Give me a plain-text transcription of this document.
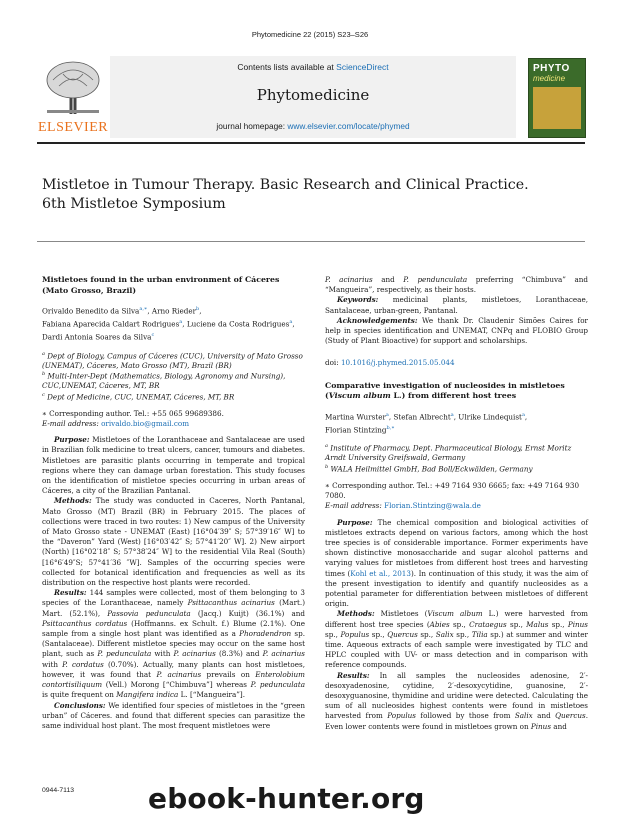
Phytomedicine 22 (2015) S23–S26
ELSEVIER
Contents lists available at ScienceDirect
Phytomedicine
journal homepage: www.elsevier.com/locate/phymed
PHYTO
medicine
Mistletoe in Tumour Therapy. Basic Research and Clinical Practice.
6th Mistletoe Symposium
Mistletoes found in the urban environment of Cáceres (Mato Grosso, Brazil)
Orivaldo Benedito da Silva$^{a,∗}$, Arno Rieder$^b$,
Fabiana Aparecida Caldart Rodrigues$^a$, Luciene da Costa Rodrigues$^a$,
Dardi Antonia Soares da Silva$^c$
$^a$ Dept of Biology, Campus of Cáceres (CUC), University of Mato Grosso (UNEMAT), Cáceres, Mato Grosso (MT), Brazil (BR)
$^b$ Multi-Inter-Dept (Mathematics, Biology, Agronomy and Nursing), CUC,UNEMAT, Cáceres, MT, BR
$^c$ Dept of Medicine, CUC, UNEMAT, Cáceres, MT, BR
∗ Corresponding author. Tel.: +55 065 99689386.
E-mail address: orivaldo.bio@gmail.com

Purpose: Mistletoes of the Loranthaceae and Santalaceae are used in Brazilian folk medicine to treat ulcers, cancer, tumours and diabetes. Mistletoes are parasitic plants occurring in temperate and tropical regions where they can damage urban forestation. This study focuses on the identification of mistletoe species occurring in urban areas of Cáceres, a city of the Brazilian Pantanal.

Methods: The study was conducted in Caceres, North Pantanal, Mato Grosso (MT) Brazil (BR) in February 2015. The places of collections were traced in two routes: 1) New campus of the University of Mato Grosso state - UNEMAT (East) [16°04′39″ S; 57°39′16″ W] to the “Daveron” Yard (West) [16°03′42″ S; 57°41′20″ W]. 2) New airport (North) [16°02′18″ S; 57°38′24″ W] to the residential Vila Real (South) [16°6′49″S; 57°41′36 ″W]. Samples of the occurring species were collected for botanical identification and frequencies as well as its distribution on the respective host plants were recorded.

Results: 144 samples were collected, most of them belonging to 3 species of the Loranthaceae, namely Psittacanthus acinarius (Mart.) Mart. (52.1%), Passovia pedunculata (Jacq.) Kuijt) (36.1%) and Psittacanthus cordatus (Hoffmanns. ex Schult. f.) Blume (2.1%). One sample from a single host plant was identified as a Phoradendron sp. (Santalaceae). Different mistletoe species may occur on the same host plant, such as P. pedunculata with P. acinarius (8.3%) and P. acinarius with P. cordatus (0.70%). Actually, many plants can host mistletoes, however, it was found that P. acinarius prevails on Enterolobium contortisiliquum (Vell.) Morong [“Chimbuva”] whereas P. pedunculata is quite frequent on Mangifera indica L. [“Mangueira”].

Conclusions: We identified four species of mistletoes in the “green urban” of Cáceres. and found that different species can parasitize the same individual host plant. The most frequent mistletoes were

P. acinarius and P. pendunculata preferring “Chimbuva” and “Mangueira”, respectively, as their hosts.

Keywords: medicinal plants, mistletoes, Loranthaceae, Santalaceae, urban-green, Pantanal.

Acknowledgements: We thank Dr. Claudenir Simões Caires for help in species identification and UNEMAT, CNPq and FLOBIO Group (Study of Plant Bioactive) for support and scholarships.

doi: 10.1016/j.phymed.2015.05.044

Comparative investigation of nucleosides in mistletoes (Viscum album L.) from different host trees
Martina Wurster$^a$, Stefan Albrecht$^a$, Ulrike Lindequist$^a$,
Florian Stintzing$^{b,∗}$
$^a$ Institute of Pharmacy, Dept. Pharmaceutical Biology, Ernst Moritz Arndt University Greifswald, Germany
$^b$ WALA Heilmittel GmbH, Bad Boll/Eckwälden, Germany
∗ Corresponding author. Tel.: +49 7164 930 6665; fax: +49 7164 930 7080.
E-mail address: Florian.Stintzing@wala.de

Purpose: The chemical composition and biological activities of mistletoes extracts depend on various factors, among which the host tree species is of considerable importance. Former experiments have shown distinctive monosaccharide and sugar alcohol patterns and varying values for mistletoes from different host trees and harvesting times (Kohl et al., 2013). In continuation of this study, it was the aim of the present investigation to identify and quantify nucleosides as a potential parameter for differentiation between mistletoes of different origin.

Methods: Mistletoes (Viscum album L.) were harvested from different host tree species (Abies sp., Crataegus sp., Malus sp., Pinus sp., Populus sp., Quercus sp., Salix sp., Tilia sp.) at summer and winter time. Aqueous extracts of each sample were investigated by TLC and HPLC coupled with UV- or mass detection and in comparison with reference compounds.

Results: In all samples the nucleosides adenosine, 2′-desoxyadenosine, cytidine, 2′-desoxycytidine, guanosine, 2′-desoxyguanosine, thymidine and uridine were detected. Calculating the sum of all nucleosides highest contents were found in mistletoes harvested from Populus followed by those from Salix and Quercus. Even lower contents were found in mistletoes grown on Pinus and

0944-7113	ebook-hunter.org
